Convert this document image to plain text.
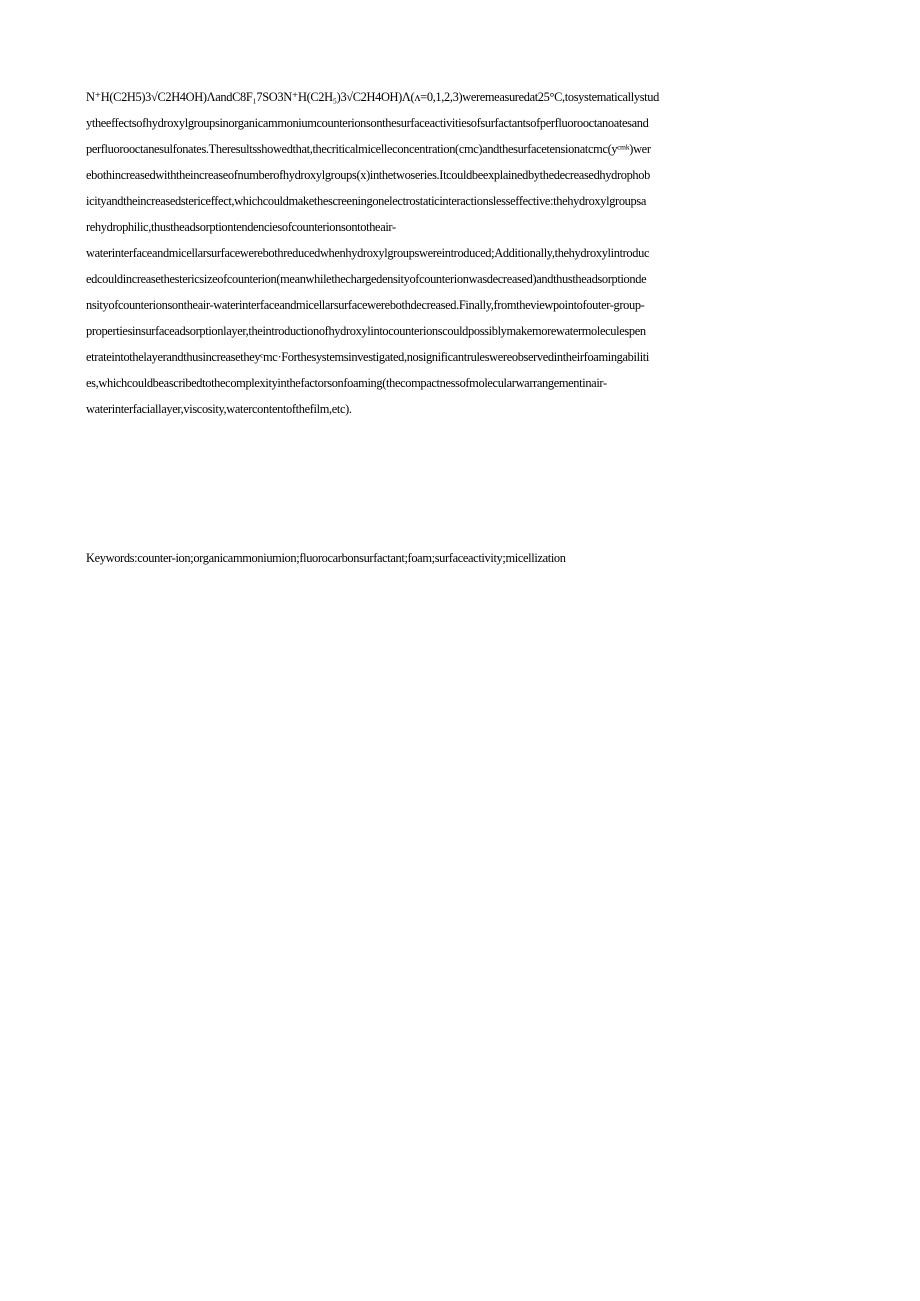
N⁺H(C2H5)3√C2H4OH)ΛandC8F₁7SO3N⁺H(C2H₅)3√C2H4OH)Λ(ʌ=0,1,2,3)weremeasuredat25°C,tosystematicallystud
ytheeffectsofhydroxylgroupsinorganicammoniumcounterionsonthesurfaceactivitiesofsurfactantsofperfluorooctanoatesand
perfluorooctanesulfonates.Theresultsshowedthat,thecriticalmicelleconcentration(cmc)andthesurfacetensionatcmc(yᶜᵐᵏ)wer
ebothincreasedwiththeincreaseofnumberofhydroxylgroups(x)inthetwoseries.Itcouldbeexplainedbythedecreasedhydrophob
icityandtheincreasedstericeffect,whichcouldmakethescreeningonelectrostaticinteractionslesseffective:thehydroxylgroupsa
rehydrophilic,thustheadsorptiontendenciesofcounterionsontotheair-
waterinterfaceandmicellarsurfacewerebothreducedwhenhydroxylgroupswereintroduced;Additionally,thehydroxylintroduc
edcouldincreasethestericsizeofcounterion(meanwhilethechargedensityofcounterionwasdecreased)andthustheadsorptionde
nsityofcounterionsontheair-waterinterfaceandmicellarsurfacewerebothdecreased.Finally,fromtheviewpointofouter-group-
propertiesinsurfaceadsorptionlayer,theintroductionofhydroxylintocounterionscouldpossiblymakemorewatermoleculespen
etrateintothelayerandthusincreasetheyᶜmc·Forthesystemsinvestigated,nosignificantruleswereobservedintheirfoamingabiliti
es,whichcouldbeascribedtothecomplexityinthefactorsonfoaming(thecompactnessofmolecularwarrangementinair-
waterinterfaciallayer,viscosity,watercontentofthefilm,etc).
Keywords:counter-ion;organicammoniumion;fluorocarbonsurfactant;foam;surfaceactivity;micellization
